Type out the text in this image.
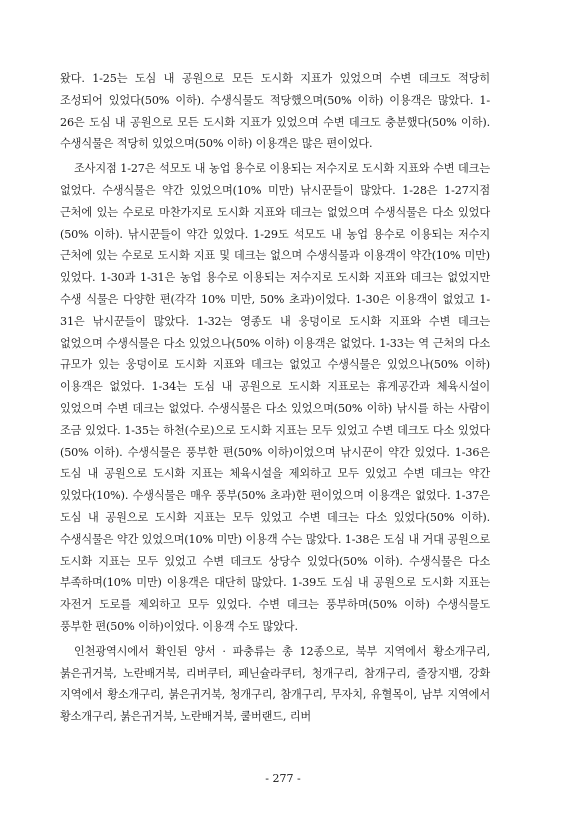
왔다. 1-25는 도심 내 공원으로 모든 도시화 지표가 있었으며 수변 데크도 적당히 조성되어 있었다(50% 이하). 수생식물도 적당했으며(50% 이하) 이용객은 많았다. 1-26은 도심 내 공원으로 모든 도시화 지표가 있었으며 수변 데크도 충분했다(50% 이하). 수생식물은 적당히 있었으며(50% 이하) 이용객은 많은 편이었다.

조사지점 1-27은 석모도 내 농업 용수로 이용되는 저수지로 도시화 지표와 수변 데크는 없었다. 수생식물은 약간 있었으며(10% 미만) 낚시꾼들이 많았다. 1-28은 1-27지점 근처에 있는 수로로 마찬가지로 도시화 지표와 데크는 없었으며 수생식물은 다소 있었다(50% 이하). 낚시꾼들이 약간 있었다. 1-29도 석모도 내 농업 용수로 이용되는 저수지 근처에 있는 수로로 도시화 지표 및 데크는 없으며 수생식물과 이용객이 약간(10% 미만)있었다. 1-30과 1-31은 농업 용수로 이용되는 저수지로 도시화 지표와 데크는 없었지만 수생 식물은 다양한 편(각각 10% 미만, 50% 초과)이었다. 1-30은 이용객이 없었고 1-31은 낚시꾼들이 많았다. 1-32는 영종도 내 웅덩이로 도시화 지표와 수변 데크는 없었으며 수생식물은 다소 있었으나(50% 이하) 이용객은 없었다. 1-33는 역 근처의 다소 규모가 있는 웅덩이로 도시화 지표와 데크는 없었고 수생식물은 있었으나(50% 이하) 이용객은 없었다. 1-34는 도심 내 공원으로 도시화 지표로는 휴게공간과 체육시설이 있었으며 수변 데크는 없었다. 수생식물은 다소 있었으며(50% 이하) 낚시를 하는 사람이 조금 있었다. 1-35는 하천(수로)으로 도시화 지표는 모두 있었고 수변 데크도 다소 있었다(50% 이하). 수생식물은 풍부한 편(50% 이하)이었으며 낚시꾼이 약간 있었다. 1-36은 도심 내 공원으로 도시화 지표는 체육시설을 제외하고 모두 있었고 수변 데크는 약간 있었다(10%). 수생식물은 매우 풍부(50% 초과)한 편이었으며 이용객은 없었다. 1-37은 도심 내 공원으로 도시화 지표는 모두 있었고 수변 데크는 다소 있었다(50% 이하). 수생식물은 약간 있었으며(10% 미만) 이용객 수는 많았다. 1-38은 도심 내 거대 공원으로 도시화 지표는 모두 있었고 수변 데크도 상당수 있었다(50% 이하). 수생식물은 다소 부족하며(10% 미만) 이용객은 대단히 많았다. 1-39도 도심 내 공원으로 도시화 지표는 자전거 도로를 제외하고 모두 있었다. 수변 데크는 풍부하며(50% 이하) 수생식물도 풍부한 편(50% 이하)이었다. 이용객 수도 많았다.

인천광역시에서 확인된 양서 · 파충류는 총 12종으로, 북부 지역에서 황소개구리, 붉은귀거북, 노란배거북, 리버쿠터, 페닌슐라쿠터, 청개구리, 참개구리, 줄장지뱀, 강화 지역에서 황소개구리, 붉은귀거북, 청개구리, 참개구리, 무자치, 유혈목이, 남부 지역에서 황소개구리, 붉은귀거북, 노란배거북, 쿨버랜드, 리버

- 277 -
